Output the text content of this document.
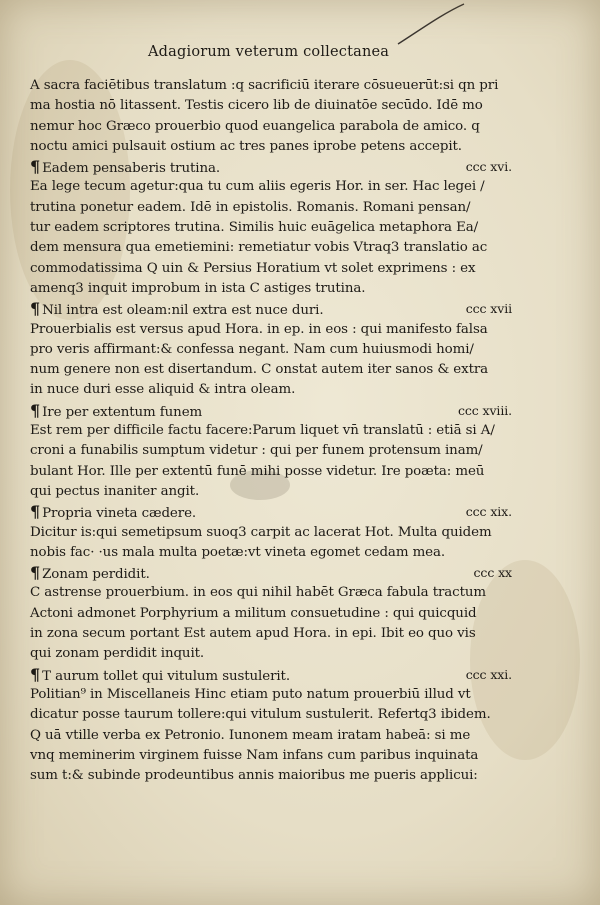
Adagiorum veterum collectanea
A sacra faciētibus translatum :q sacrificiū iterare cōsueuerūt:si qn pri
ma hostia nō litassent. Testis cicero lib de diuinatōe secūdo. Idē mo
nemur hoc Græco prouerbio quod euangelica parabola de amico. q
noctu amici pulsauit ostium ac tres panes iprobe petens accepit.
¶ Eadem pensaberis trutina.	ccc xvi.
Ea lege tecum agetur:qua tu cum aliis egeris Hor. in ser. Hac legei /
trutina ponetur eadem. Idē in epistolis. Romanis. Romani pensan/
tur eadem scriptores trutina. Similis huic euāgelica metaphora Ea/
dem mensura qua emetiemini: remetiatur vobis Vtraq3 translatio ac
commodatissima Q uin & Persius Horatium vt solet exprimens : ex
amenq3 inquit improbum in ista C astiges trutina.
¶ Nil intra est oleam:nil extra est nuce duri.	ccc xvii
Prouerbialis est versus apud Hora. in ep. in eos : qui manifesto falsa
pro veris affirmant:& confessa negant. Nam cum huiusmodi homi/
num genere non est disertandum. C onstat autem iter sanos & extra
in nuce duri esse aliquid & intra oleam.
¶ Ire per extentum funem	ccc xviii.
Est rem per difficile factu facere:Parum liquet vn̄ translatū : etiā si A/
croni a funabilis sumptum videtur : qui per funem protensum inam/
bulant Hor. Ille per extentū funē mihi posse videtur. Ire poæta: meū
qui pectus inaniter angit.
¶ Propria vineta cædere.	ccc xix.
Dicitur is:qui semetipsum suoq3 carpit ac lacerat Hot. Multa quidem
nobis fac· ·us mala multa poetæ:vt vineta egomet cedam mea.
¶ Zonam perdidit.	ccc xx
C astrense prouerbium. in eos qui nihil habēt Græca fabula tractum
Actoni admonet Porphyrium a militum consuetudine : qui quicquid
in zona secum portant Est autem apud Hora. in epi. Ibit eo quo vis
qui zonam perdidit inquit.
¶ T aurum tollet qui vitulum sustulerit.	ccc xxi.
Politian⁹ in Miscellaneis Hinc etiam puto natum prouerbiū illud vt
dicatur posse taurum tollere:qui vitulum sustulerit. Refertq3 ibidem.
Q uā vtille verba ex Petronio. Iunonem meam iratam habeā: si me
vnq meminerim virginem fuisse Nam infans cum paribus inquinata
sum t:& subinde prodeuntibus annis maioribus me pueris applicui:
